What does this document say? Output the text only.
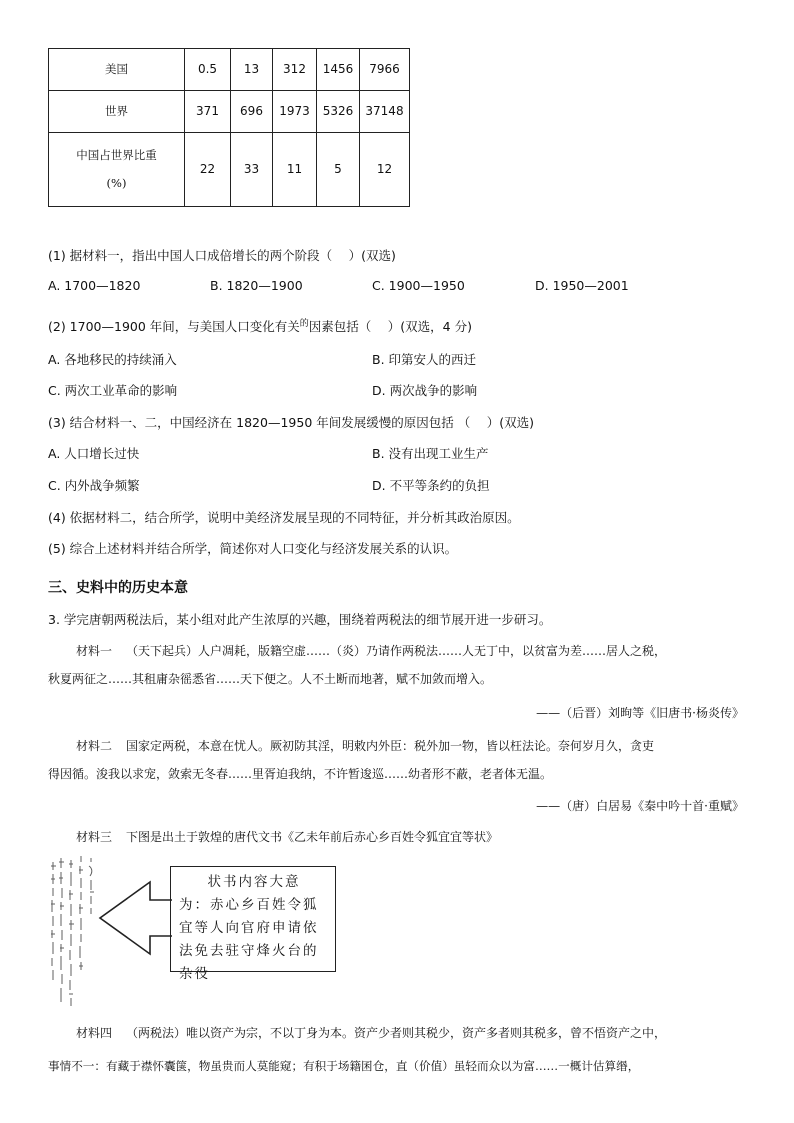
美国	0.5	13	312	1456	7966
世界	371	696	1973	5326	37148

中国占世界比重
(%)	22	33	11	5	12
(1) 据材料一，指出中国人口成倍增长的两个阶段（　 ）(双选)
A. 1700—1820	B. 1820—1900	C. 1900—1950	D. 1950—2001
(2) 1700—1900 年间，与美国人口变化有关$^的$因素包括（　 ）(双选，4 分)
A. 各地移民的持续涌入	B. 印第安人的西迁
C. 两次工业革命的影响	D. 两次战争的影响
(3) 结合材料一、二，中国经济在 1820—1950 年间发展缓慢的原因包括 （　 ）(双选)
A. 人口增长过快	B. 没有出现工业生产
C. 内外战争频繁	D. 不平等条约的负担
(4) 依据材料二，结合所学，说明中美经济发展呈现的不同特征，并分析其政治原因。
(5) 综合上述材料并结合所学，简述你对人口变化与经济发展关系的认识。
三、史料中的历史本意
3. 学完唐朝两税法后，某小组对此产生浓厚的兴趣，围绕着两税法的细节展开进一步研习。
材料一 （天下起兵）人户凋耗，版籍空虚……（炎）乃请作两税法……人无丁中，以贫富为差……居人之税，
秋夏两征之……其租庸杂徭悉省……天下便之。人不土断而地著，赋不加敛而增入。
——（后晋）刘昫等《旧唐书·杨炎传》
材料二 国家定两税，本意在忧人。厥初防其淫，明敕内外臣：税外加一物，皆以枉法论。奈何岁月久，贪吏
得因循。浚我以求宠，敛索无冬春……里胥迫我纳，不许暂逡巡……幼者形不蔽，老者体无温。
——（唐）白居易《秦中吟十首·重赋》
材料三 下图是出土于敦煌的唐代文书《乙未年前后赤心乡百姓令狐宜宜等状》
状书内容大意
为：赤心乡百姓令狐
宜等人向官府申请依
法免去驻守烽火台的
杂役
材料四 （两税法）唯以资产为宗，不以丁身为本。资产少者则其税少，资产多者则其税多，曾不悟资产之中，
事情不一：有藏于襟怀囊箧，物虽贵而人莫能窥；有积于场籍囷仓，直（价值）虽轻而众以为富……一概计估算缗，
